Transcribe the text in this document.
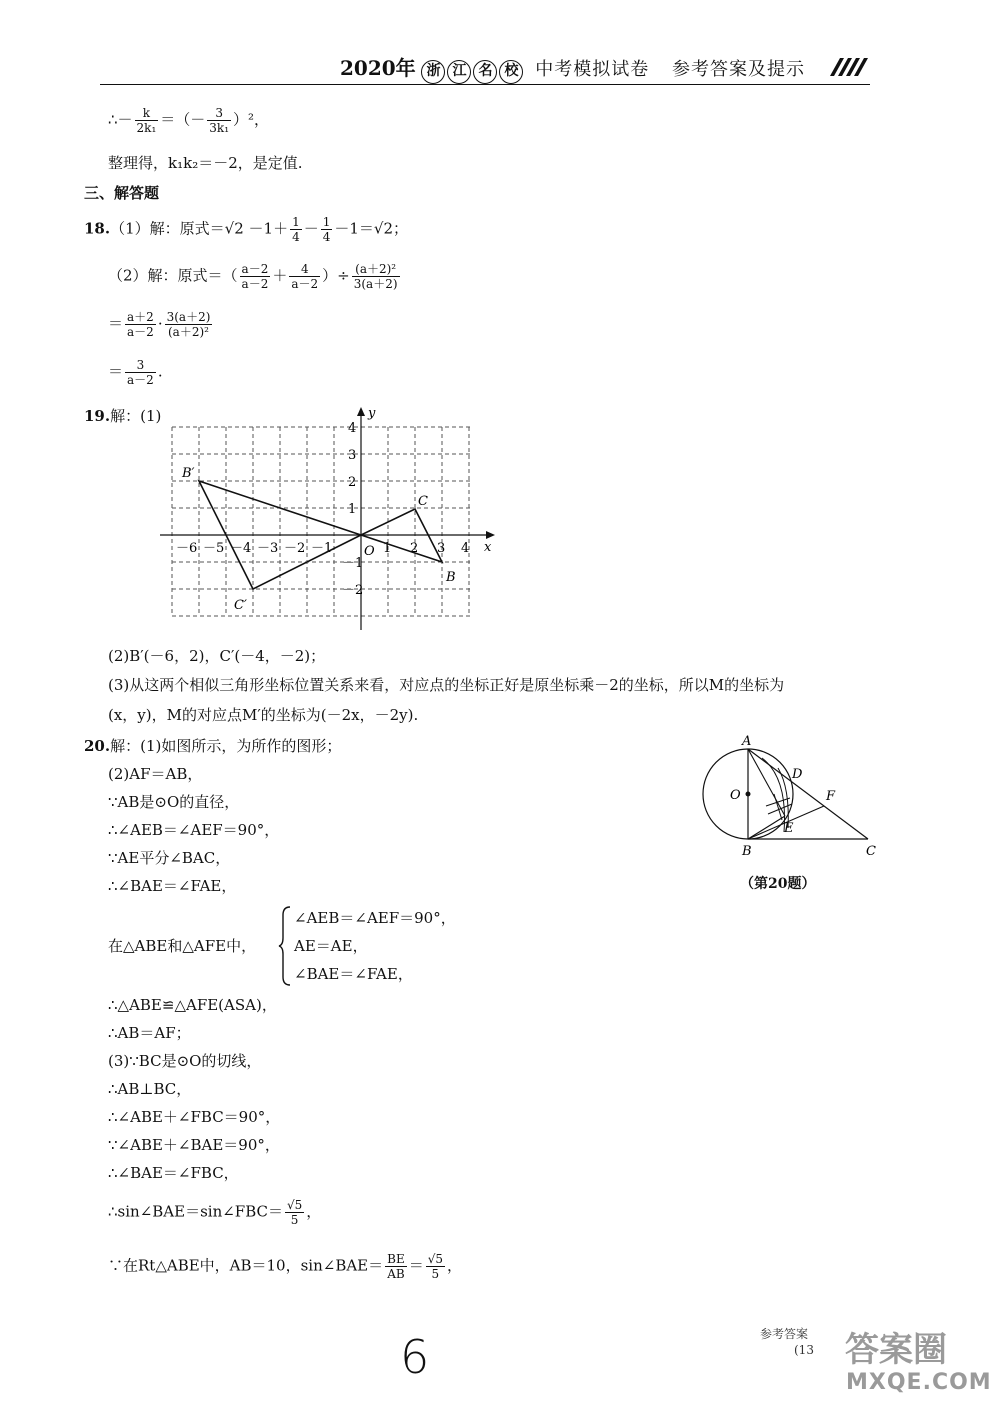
2020年 浙 江 名 校 中考模拟试卷 参考答案及提示
∴－ $\frac{k}{\text{2k₁}}$ ＝（－ $\frac{3}{\text{3k₁}} )^2$，
整理得，k₁k₂＝－2，是定值.
三、解答题
18.（1）解：原式$=√2 -1+ \frac{1}{4} - \frac{1}{4} -1=√2$；
（2）解：原式＝（ $\frac{a-2}{a-2} + \frac{4}{a-2}$ ）÷ $\frac{\text{(a＋2)²}}{3(a+2)}$
＝ $\frac{a+2}{a-2} \cdot \frac{3(a+2)}{\text{(a＋2)²}}$
＝ $\frac{3}{a-2}$ .
19.解：(1)
x
y
O
－6 －5 －4 －3 －2 －1	1 2 3 4
4
3
2
1
－1
－2
B′
C
B
C′
(2)B′(－6，2)，C′(－4，－2)；
(3)从这两个相似三角形坐标位置关系来看，对应点的坐标正好是原坐标乘－2的坐标，所以M的坐标为
(x，y)，M的对应点M′的坐标为(－2x，－2y).
20.解：(1)如图所示，为所作的图形；
(2)AF＝AB，
∵AB是⊙O的直径，
∴∠AEB＝∠AEF＝90°，
∵AE平分∠BAC，
∴∠BAE＝∠FAE，
在△ABE和△AFE中，
∠AEB＝∠AEF＝90°，
AE＝AE，
∠BAE＝∠FAE，
∴△ABE≌△AFE(ASA)，
∴AB＝AF；
(3)∵BC是⊙O的切线，
∴AB⊥BC，
∴∠ABE＋∠FBC＝90°，
∵∠ABE＋∠BAE＝90°，
∴∠BAE＝∠FBC，
∴sin∠BAE＝sin∠FBC＝ $\frac{√5}{5}$ ，
∵在Rt△ABE中，AB＝10，sin∠BAE＝ $\frac{BE}{AB} = \frac{√5}{5}$ ，
A
D
O	F
E
B	C
（第20题）
6	参考答案
(13 答案圈
MXQE.COM
